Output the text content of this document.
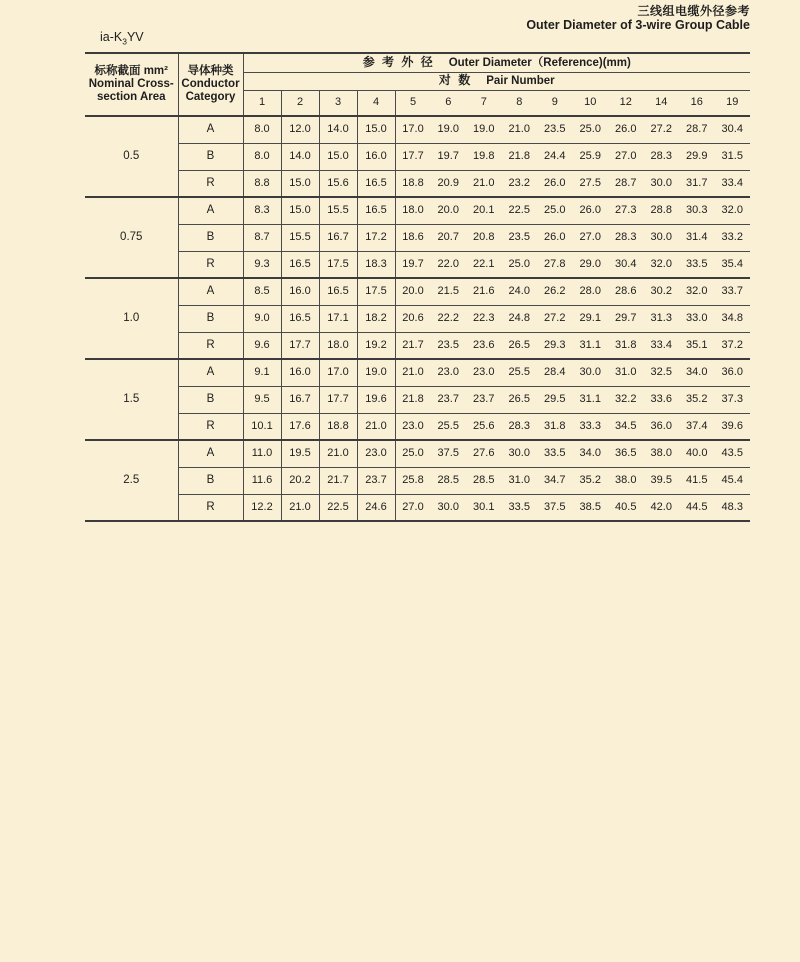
三线组电缆外径参考
Outer Diameter of 3-wire Group Cable
$ia-K_3YV$
标称截面 mm²
Nominal Cross-
section Area

导体种类
Conductor
Category
	参 考 外 径 Outer Diameter（Reference)(mm)
		对 数 Pair Number													
		1	2	3	4	5	6	7	8	9	10	12	14	16	19
0.5	A	8.0	12.0	14.0	15.0	17.0	19.0	19.0	21.0	23.5	25.0	26.0	27.2	28.7	30.4
	B	8.0	14.0	15.0	16.0	17.7	19.7	19.8	21.8	24.4	25.9	27.0	28.3	29.9	31.5
	R	8.8	15.0	15.6	16.5	18.8	20.9	21.0	23.2	26.0	27.5	28.7	30.0	31.7	33.4
0.75	A	8.3	15.0	15.5	16.5	18.0	20.0	20.1	22.5	25.0	26.0	27.3	28.8	30.3	32.0
	B	8.7	15.5	16.7	17.2	18.6	20.7	20.8	23.5	26.0	27.0	28.3	30.0	31.4	33.2
	R	9.3	16.5	17.5	18.3	19.7	22.0	22.1	25.0	27.8	29.0	30.4	32.0	33.5	35.4
1.0	A	8.5	16.0	16.5	17.5	20.0	21.5	21.6	24.0	26.2	28.0	28.6	30.2	32.0	33.7
	B	9.0	16.5	17.1	18.2	20.6	22.2	22.3	24.8	27.2	29.1	29.7	31.3	33.0	34.8
	R	9.6	17.7	18.0	19.2	21.7	23.5	23.6	26.5	29.3	31.1	31.8	33.4	35.1	37.2
1.5	A	9.1	16.0	17.0	19.0	21.0	23.0	23.0	25.5	28.4	30.0	31.0	32.5	34.0	36.0
	B	9.5	16.7	17.7	19.6	21.8	23.7	23.7	26.5	29.5	31.1	32.2	33.6	35.2	37.3
	R	10.1	17.6	18.8	21.0	23.0	25.5	25.6	28.3	31.8	33.3	34.5	36.0	37.4	39.6
2.5	A	11.0	19.5	21.0	23.0	25.0	37.5	27.6	30.0	33.5	34.0	36.5	38.0	40.0	43.5
	B	11.6	20.2	21.7	23.7	25.8	28.5	28.5	31.0	34.7	35.2	38.0	39.5	41.5	45.4
	R	12.2	21.0	22.5	24.6	27.0	30.0	30.1	33.5	37.5	38.5	40.5	42.0	44.5	48.3
